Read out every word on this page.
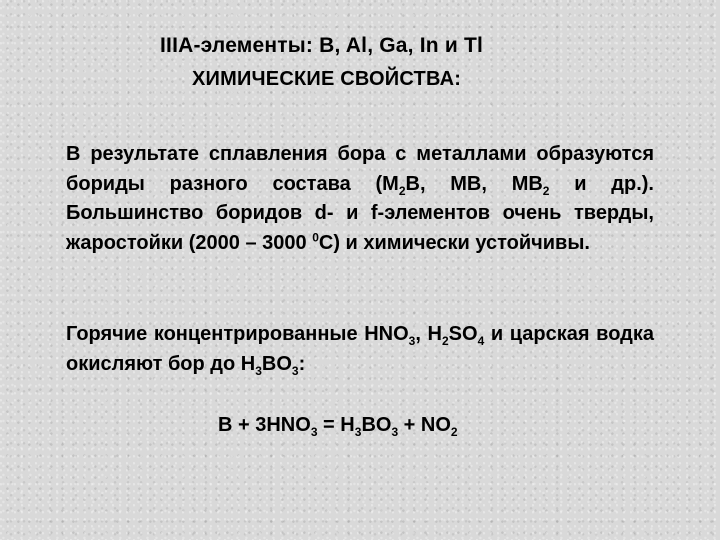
IIIA-элементы: B, Al, Ga, In и Tl
ХИМИЧЕСКИЕ СВОЙСТВА:
В результате сплавления бора с металлами образуются бориды разного состава ($M_2B$, MB, $MB_2$ и др.). Большинство боридов d- и f-элементов очень тверды, жаростойки (2000 – 3000 $^0$С) и химически устойчивы.
Горячие концентрированные $HNO_3$, $H_2SO_4$ и царская водка окисляют бор до $H_3BO_3$:
$B + 3HNO_3 = H_3BO_3 + NO_2$
